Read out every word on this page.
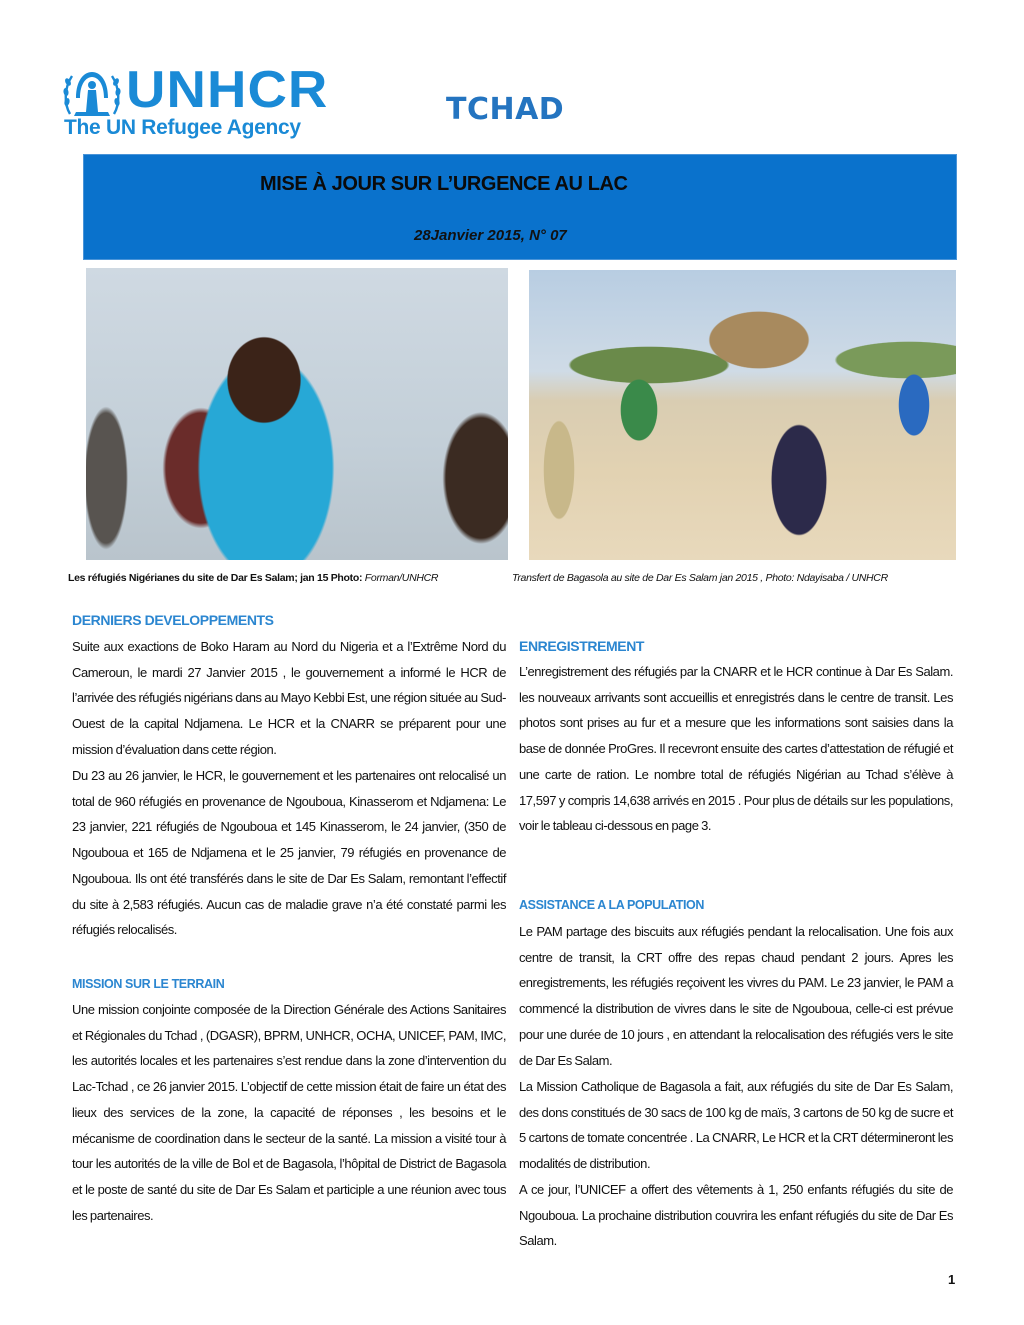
UNHCR
The UN Refugee Agency
TCHAD
MISE À JOUR SUR L’URGENCE AU LAC
28Janvier 2015, N° 07
Les réfugiés Nigérianes du site de Dar Es Salam; jan 15 Photo: Forman/UNHCR	Transfert de Bagasola au site de Dar Es Salam jan 2015 , Photo: Ndayisaba / UNHCR
DERNIERS DEVELOPPEMENTS

Suite aux exactions de Boko Haram au Nord du Nigeria et a l’Extrême Nord du Cameroun, le mardi 27 Janvier 2015 , le gouvernement a informé le HCR de l’arrivée des réfugiés nigérians dans au Mayo Kebbi Est, une région située au Sud-Ouest de la capital Ndjamena. Le HCR et la CNARR se préparent pour une mission d’évaluation dans cette région.

Du 23 au 26 janvier, le HCR, le gouvernement et les partenaires ont relocalisé un total de 960 réfugiés en provenance de Ngouboua, Kinasserom et Ndjamena: Le 23 janvier, 221 réfugiés de Ngouboua et 145 Kinasserom, le 24 janvier, (350 de Ngouboua et 165 de Ndjamena et le 25 janvier, 79 réfugiés en provenance de Ngouboua. Ils ont été transférés dans le site de Dar Es Salam, remontant l’effectif du site à 2,583 réfugiés. Aucun cas de maladie grave n’a été constaté parmi les réfugiés relocalisés.

MISSION SUR LE TERRAIN

Une mission conjointe composée de la Direction Générale des Actions Sanitaires et Régionales du Tchad , (DGASR), BPRM, UNHCR, OCHA, UNICEF, PAM, IMC, les autorités locales et les partenaires s’est rendue dans la zone d’intervention du Lac-Tchad , ce 26 janvier 2015. L’objectif de cette mission était de faire un état des lieux des services de la zone, la capacité de réponses , les besoins et le mécanisme de coordination dans le secteur de la santé. La mission a visité tour à tour les autorités de la ville de Bol et de Bagasola, l’hôpital de District de Bagasola et le poste de santé du site de Dar Es Salam et participle a une réunion avec tous les partenaires.

ENREGISTREMENT

L’enregistrement des réfugiés par la CNARR et le HCR continue à Dar Es Salam. les nouveaux arrivants sont accueillis et enregistrés dans le centre de transit. Les photos sont prises au fur et a mesure que les informations sont saisies dans la base de donnée ProGres. Il recevront ensuite des cartes d’attestation de réfugié et une carte de ration. Le nombre total de réfugiés Nigérian au Tchad s’élève à 17,597 y compris 14,638 arrivés en 2015 . Pour plus de détails sur les populations, voir le tableau ci-dessous en page 3.

ASSISTANCE A LA POPULATION

Le PAM partage des biscuits aux réfugiés pendant la relocalisation. Une fois aux centre de transit, la CRT offre des repas chaud pendant 2 jours. Apres les enregistrements, les réfugiés reçoivent les vivres du PAM. Le 23 janvier, le PAM a commencé la distribution de vivres dans le site de Ngouboua, celle-ci est prévue pour une durée de 10 jours , en attendant la relocalisation des réfugiés vers le site de Dar Es Salam.

La Mission Catholique de Bagasola a fait, aux réfugiés du site de Dar Es Salam, des dons constitués de 30 sacs de 100 kg de maïs, 3 cartons de 50 kg de sucre et 5 cartons de tomate concentrée . La CNARR, Le HCR et la CRT détermineront les modalités de distribution.

A ce jour, l’UNICEF a offert des vêtements à 1, 250 enfants réfugiés du site de Ngouboua. La prochaine distribution couvrira les enfant réfugiés du site de Dar Es Salam.

1
